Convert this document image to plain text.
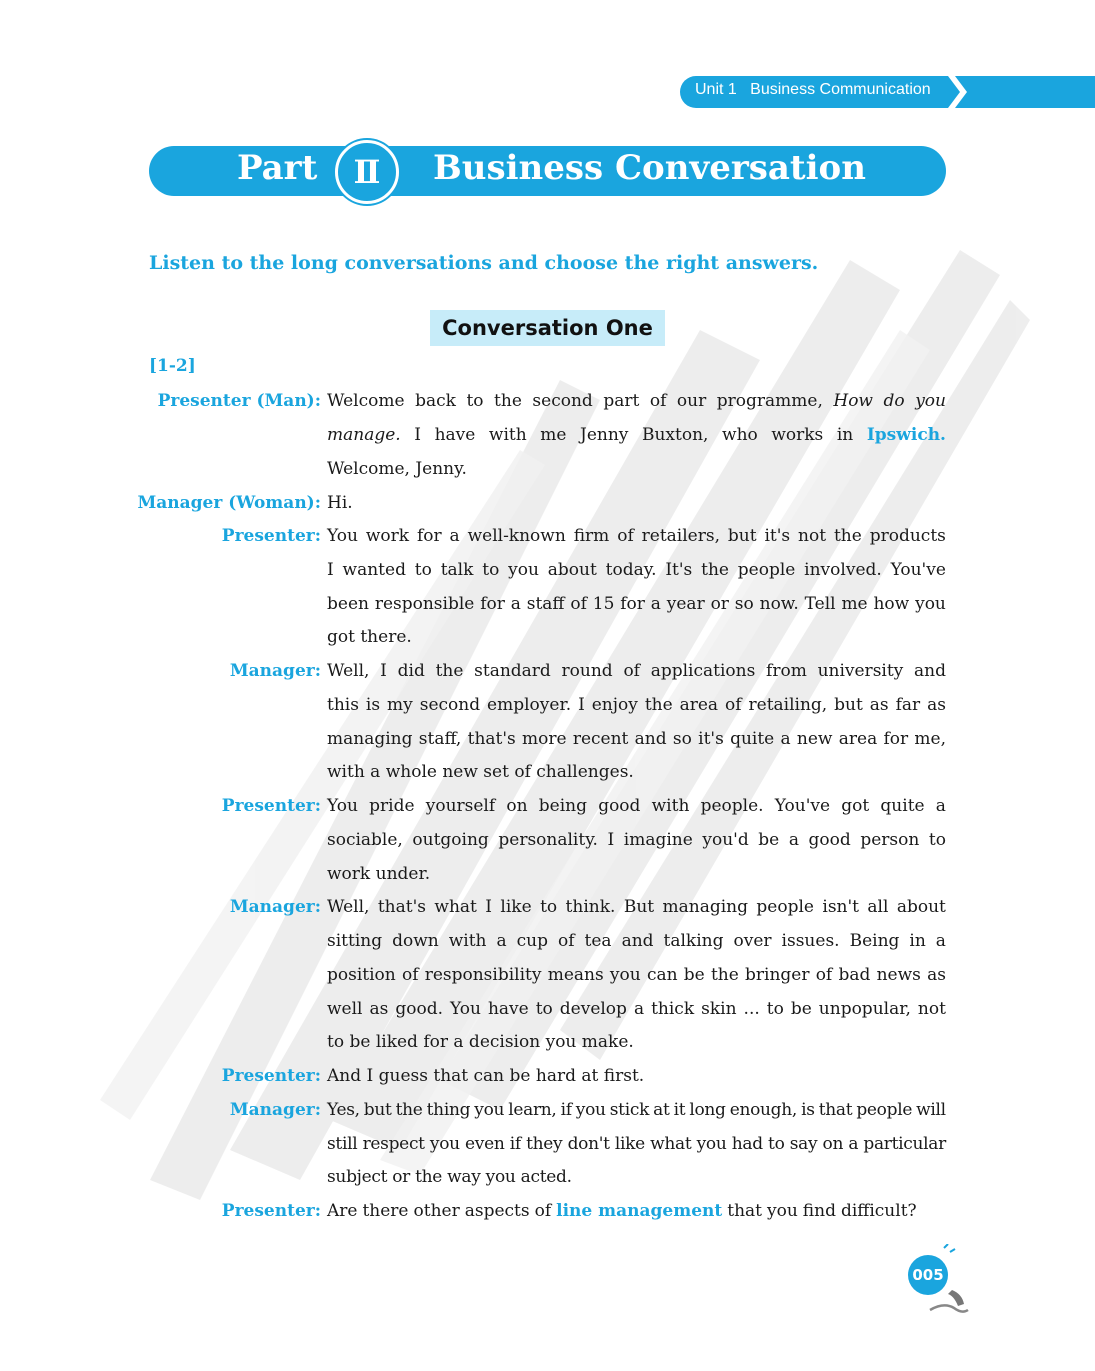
Unit 1 Business Communication
Part	Ⅱ	Business Conversation
Listen to the long conversations and choose the right answers.
Conversation One
[1-2]
Presenter (Man): Welcome back to the second part of our programme, How do you
manage. I have with me Jenny Buxton, who works in Ipswich.
Welcome, Jenny.
Manager (Woman): Hi.
Presenter: You work for a well-known firm of retailers, but it's not the products
I wanted to talk to you about today. It's the people involved. You've
been responsible for a staff of 15 for a year or so now. Tell me how you
got there.
Manager: Well, I did the standard round of applications from university and
this is my second employer. I enjoy the area of retailing, but as far as
managing staff, that's more recent and so it's quite a new area for me,
with a whole new set of challenges.
Presenter: You pride yourself on being good with people. You've got quite a
sociable, outgoing personality. I imagine you'd be a good person to
work under.
Manager: Well, that's what I like to think. But managing people isn't all about
sitting down with a cup of tea and talking over issues. Being in a
position of responsibility means you can be the bringer of bad news as
well as good. You have to develop a thick skin ... to be unpopular, not
to be liked for a decision you make.
Presenter: And I guess that can be hard at first.
Manager: Yes, but the thing you learn, if you stick at it long enough, is that people will
still respect you even if they don't like what you had to say on a particular
subject or the way you acted.
Presenter: Are there other aspects of line management that you find difficult?
005
